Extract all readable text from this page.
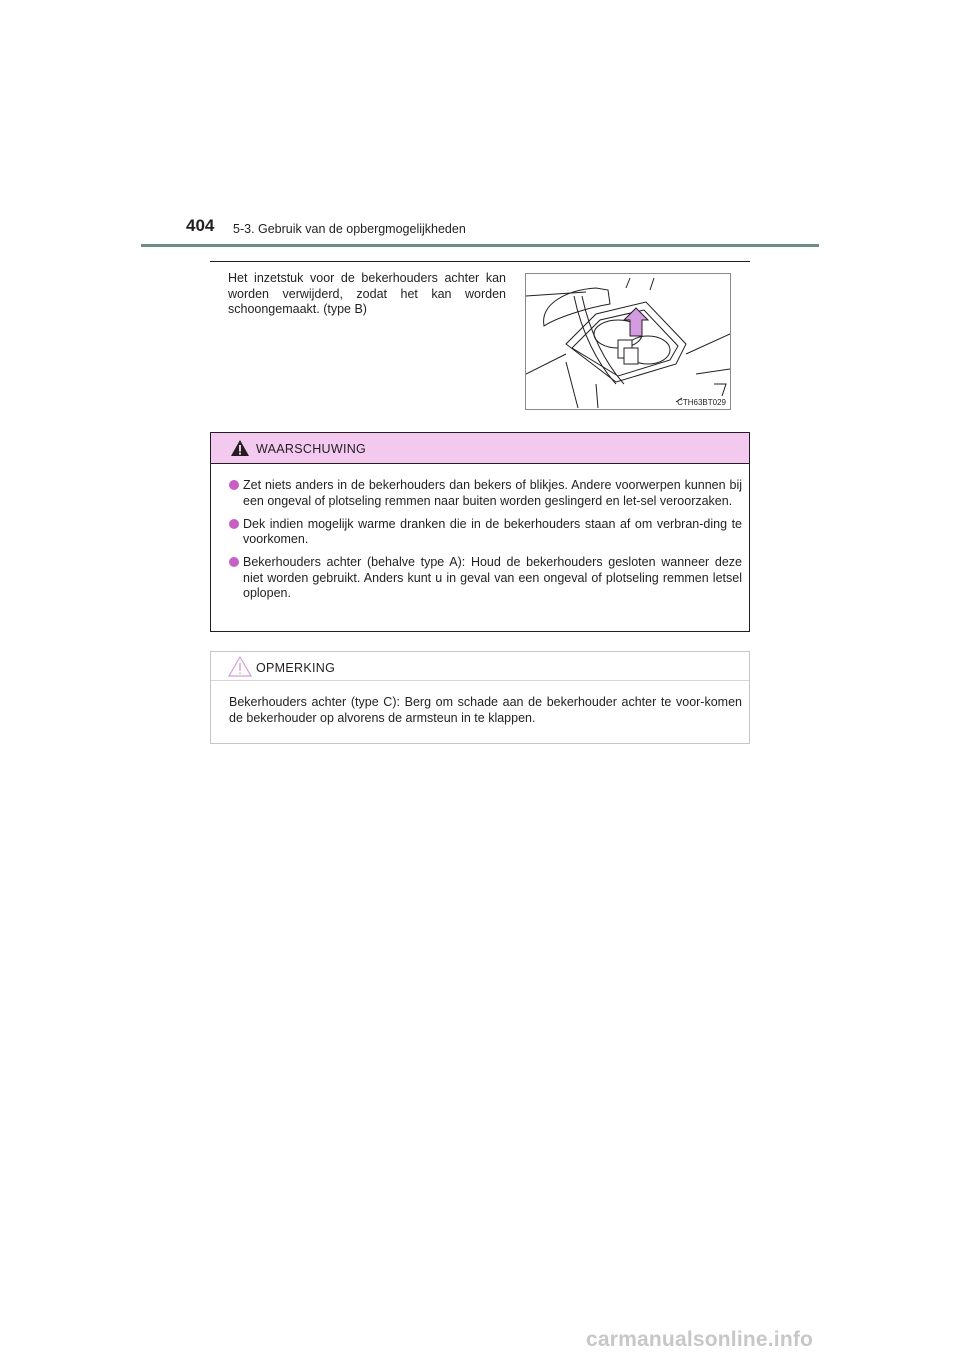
404 5-3. Gebruik van de opbergmogelijkheden

Het inzetstuk voor de bekerhouders achter kan worden verwijderd, zodat het kan worden schoongemaakt. (type B)

CTH63BT029
WAARSCHUWING
Zet niets anders in de bekerhouders dan bekers of blikjes. Andere voorwerpen kunnen bij een ongeval of plotseling remmen naar buiten worden geslingerd en let-sel veroorzaken.
Dek indien mogelijk warme dranken die in de bekerhouders staan af om verbran-ding te voorkomen.
Bekerhouders achter (behalve type A): Houd de bekerhouders gesloten wanneer deze niet worden gebruikt. Anders kunt u in geval van een ongeval of plotseling remmen letsel oplopen.
OPMERKING

Bekerhouders achter (type C): Berg om schade aan de bekerhouder achter te voor-komen de bekerhouder op alvorens de armsteun in te klappen.

carmanualsonline.info
